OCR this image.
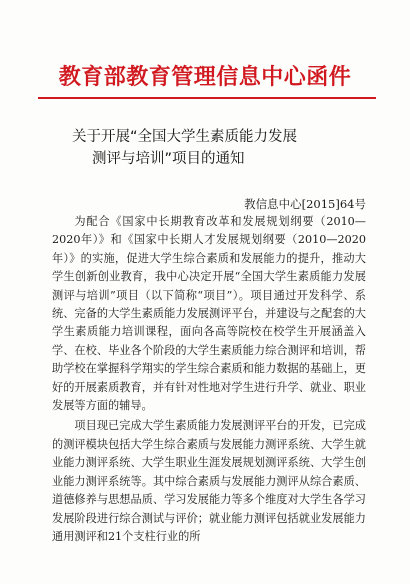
教育部教育管理信息中心函件
关于开展“全国大学生素质能力发展
测评与培训”项目的通知
教信息中心[2015]64号

为配合《国家中长期教育改革和发展规划纲要（2010—2020年）》和《国家中长期人才发展规划纲要（2010—2020年）》的实施，促进大学生综合素质和发展能力的提升，推动大学生创新创业教育，我中心决定开展“全国大学生素质能力发展测评与培训”项目（以下简称“项目”）。项目通过开发科学、系统、完备的大学生素质能力发展测评平台，并建设与之配套的大学生素质能力培训课程，面向各高等院校在校学生开展涵盖入学、在校、毕业各个阶段的大学生素质能力综合测评和培训，帮助学校在掌握科学翔实的学生综合素质和能力数据的基础上，更好的开展素质教育，并有针对性地对学生进行升学、就业、职业发展等方面的辅导。

项目现已完成大学生素质能力发展测评平台的开发，已完成的测评模块包括大学生综合素质与发展能力测评系统、大学生就业能力测评系统、大学生职业生涯发展规划测评系统、大学生创业能力测评系统等。其中综合素质与发展能力测评从综合素质、道德修养与思想品质、学习发展能力等多个维度对大学生各学习发展阶段进行综合测试与评价；就业能力测评包括就业发展能力通用测评和21个支柱行业的所
